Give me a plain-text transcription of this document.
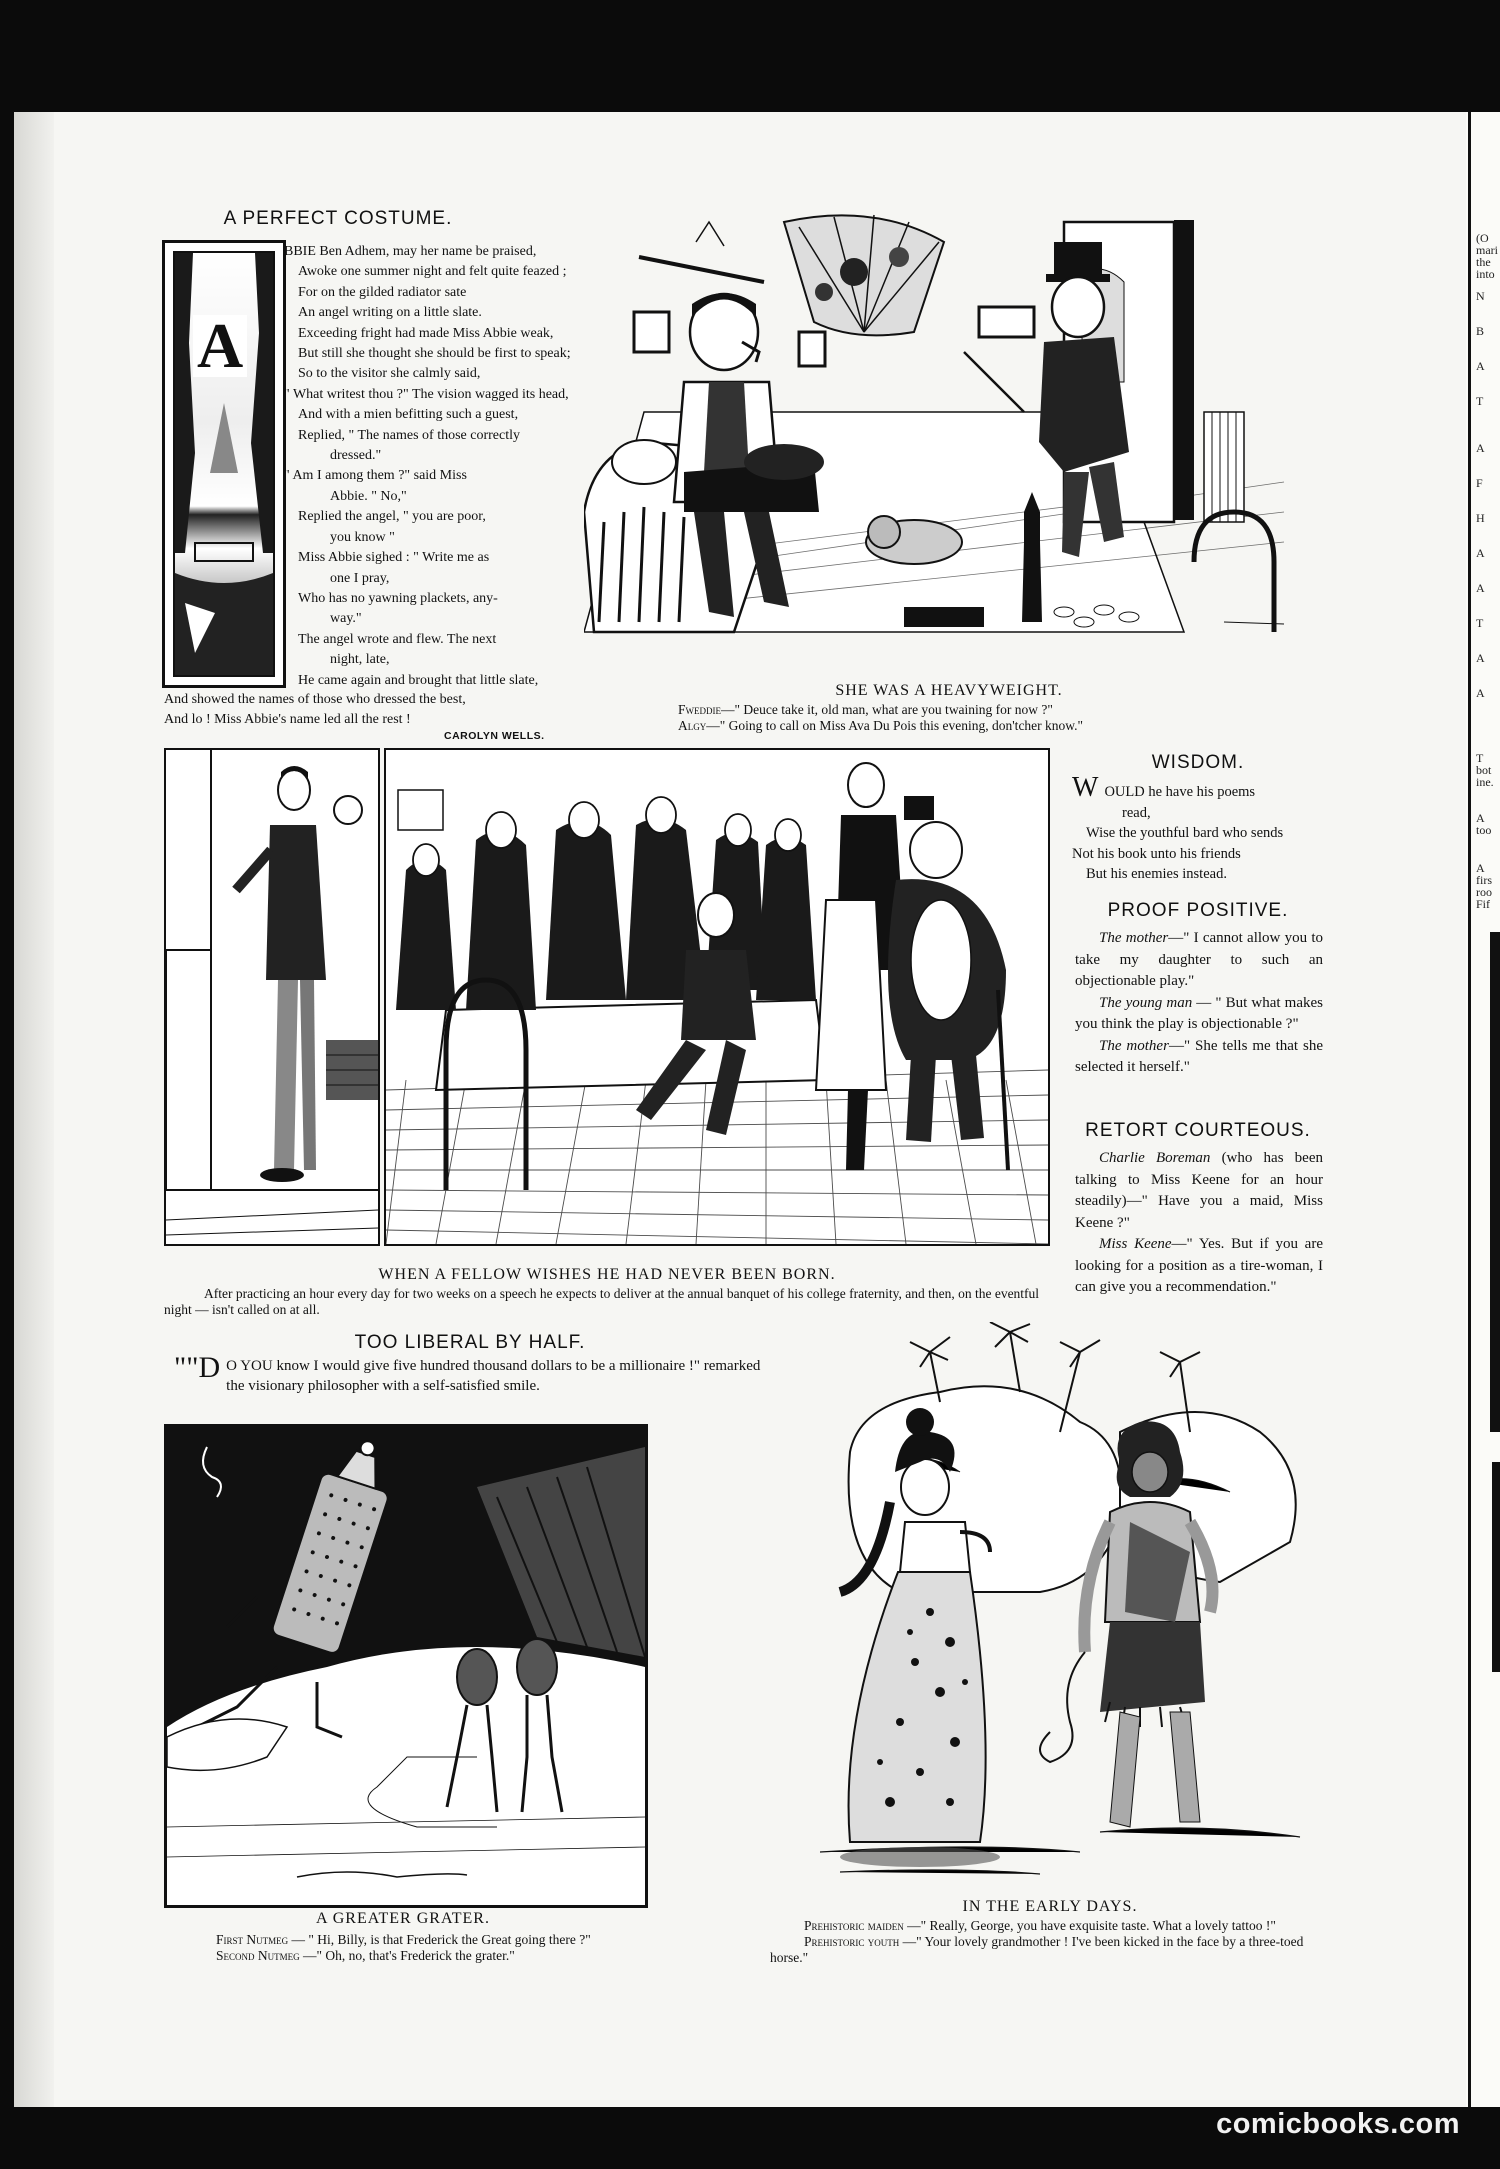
(O
mari
the
into
N
B
A
T
A
F
H
A
A
T
A
A
T
bot
ine.
A
too
A
firs
roo
Fif
A PERFECT COSTUME.
A
BBIE Ben Adhem, may her name be praised,
Awoke one summer night and felt quite feazed ;
For on the gilded radiator sate
An angel writing on a little slate.
Exceeding fright had made Miss Abbie weak,
But still she thought she should be first to speak;
So to the visitor she calmly said,
" What writest thou ?" The vision wagged its head,
And with a mien befitting such a guest,
Replied, " The names of those correctly
dressed."
" Am I among them ?" said Miss
Abbie. " No,"
Replied the angel, " you are poor,
you know "
Miss Abbie sighed : " Write me as
one I pray,
Who has no yawning plackets, any-
way."
The angel wrote and flew. The next
night, late,
He came again and brought that little slate,
And showed the names of those who dressed the best,
And lo ! Miss Abbie's name led all the rest !
CAROLYN WELLS.
SHE WAS A HEAVYWEIGHT.
Fweddie—" Deuce take it, old man, what are you twaining for now ?"
Algy—" Going to call on Miss Ava Du Pois this evening, don'tcher know."
WHEN A FELLOW WISHES HE HAD NEVER BEEN BORN.
After practicing an hour every day for two weeks on a speech he expects to deliver at the annual banquet of his college fraternity, and then, on the eventful night — isn't called on at all.
WISDOM.
WOULD he have his poems
read,
Wise the youthful bard who sends
Not his book unto his friends
But his enemies instead.
PROOF POSITIVE.

The mother—" I cannot allow you to take my daughter to such an objectionable play."

The young man — " But what makes you think the play is objectionable ?"

The mother—" She tells me that she selected it herself."

RETORT COURTEOUS.

Charlie Boreman (who has been talking to Miss Keene for an hour steadily)—" Have you a maid, Miss Keene ?"

Miss Keene—" Yes. But if you are looking for a position as a tire-woman, I can give you a recommendation."

TOO LIBERAL BY HALF.
""D O YOU know I would give five hundred thousand dollars to be a millionaire !" remarked the visionary philosopher with a self-satisfied smile.
A GREATER GRATER.
First Nutmeg — " Hi, Billy, is that Frederick the Great going there ?"
Second Nutmeg —" Oh, no, that's Frederick the grater."
IN THE EARLY DAYS.
Prehistoric maiden —" Really, George, you have exquisite taste. What a lovely tattoo !"
Prehistoric youth —" Your lovely grandmother ! I've been kicked in the face by a three-toed horse."
comicbooks.com
